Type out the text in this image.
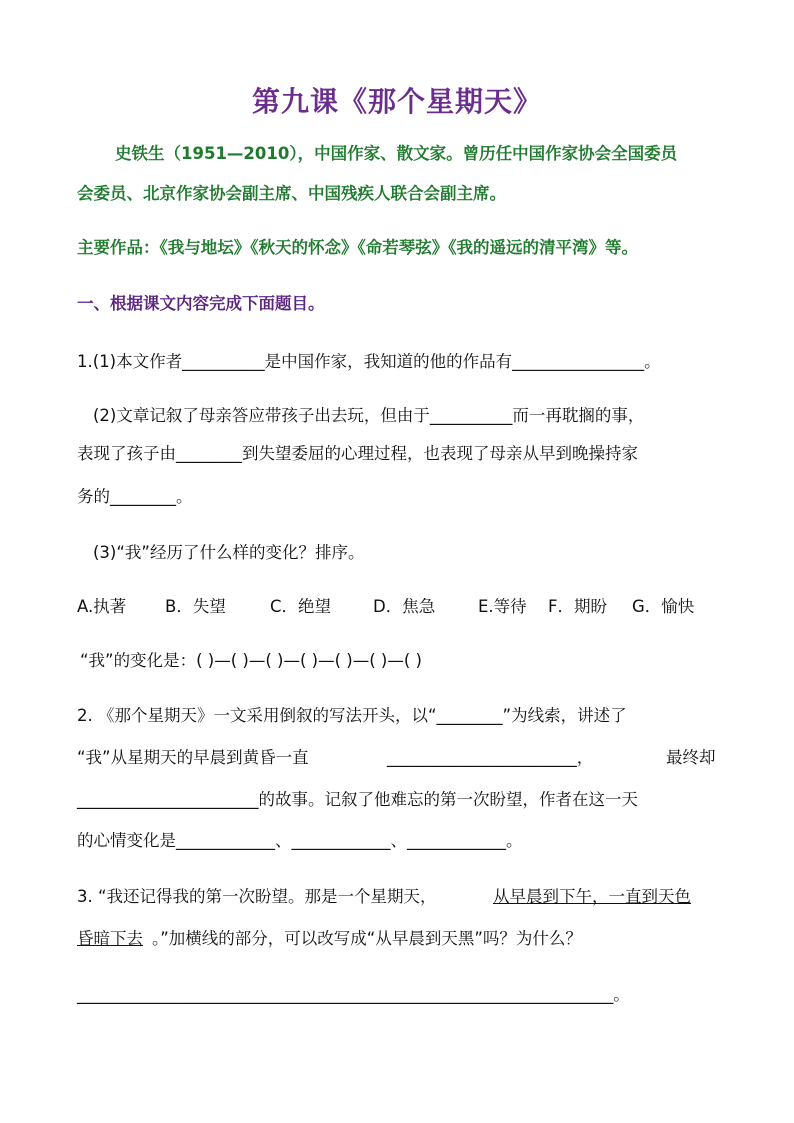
第九课《那个星期天》
史铁生（1951—2010），中国作家、散文家。曾历任中国作家协会全国委员
会委员、北京作家协会副主席、中国残疾人联合会副主席。
主要作品：《我与地坛》《秋天的怀念》《命若琴弦》《我的遥远的清平湾》等。
一、根据课文内容完成下面题目。
1.(1)本文作者__________是中国作家，我知道的他的作品有________________。
(2)文章记叙了母亲答应带孩子出去玩，但由于__________而一再耽搁的事，
表现了孩子由________到失望委屈的心理过程，也表现了母亲从早到晚操持家
务的________。
(3)“我”经历了什么样的变化？排序。
A.执著 B．失望	C．绝望	D．焦急	E.等待 F．期盼 G．愉快
“我”的变化是：( )—( )—( )—( )—( )—( )—( )
2. 《那个星期天》一文采用倒叙的写法开头，以“________”为线索，讲述了
“我”从星期天的早晨到黄昏一直	_______________________，	最终却
______________________的故事。记叙了他难忘的第一次盼望，作者在这一天
的心情变化是____________、____________、____________。
3. “我还记得我的第一次盼望。那是一个星期天，	从早晨到下午，一直到天色
昏暗下去 。”加横线的部分，可以改写成“从早晨到天黑”吗？为什么？
_________________________________________________________________。
